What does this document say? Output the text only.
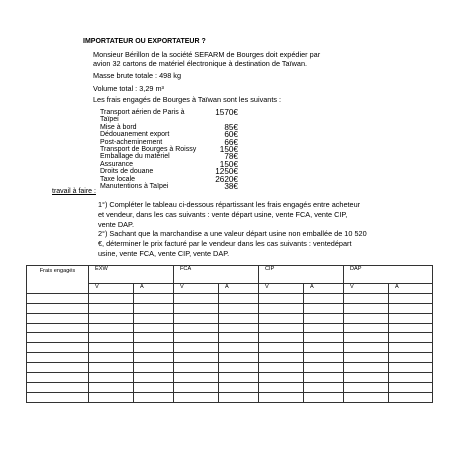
IMPORTATEUR OU EXPORTATEUR ?
Monsieur Bérillon de la société SEFARM de Bourges doit expédier par
avion 32 cartons de matériel électronique à destination de Taïwan.
Masse brute totale : 498 kg
Volume total : 3,29 m³
Les frais engagés de Bourges à Taïwan sont les suivants :
Transport aérien de Paris à Taïpei
1570€
Mise à bord	85€
Dédouanement export	60€
Post-acheminement	66€
Transport de Bourges à Roissy	150€
Emballage du matériel	78€
Assurance	150€
Droits de douane	1250€
Taxe locale	2620€
Manutentions à Taïpei	38€
travail à faire :
1°) Compléter le tableau ci-dessous répartissant les frais engagés entre acheteur et vendeur, dans les cas suivants : vente départ usine, vente FCA, vente CIP, vente DAP.
2°) Sachant que la marchandise a une valeur départ usine non emballée de 10 520 €, déterminer le prix facturé par le vendeur dans les cas suivants : ventedépart usine, vente FCA, vente CIP, vente DAP.
Frais engagés	EXW		FCA		CIP		DAP	
	V	A	V	A	V	A	V	A
